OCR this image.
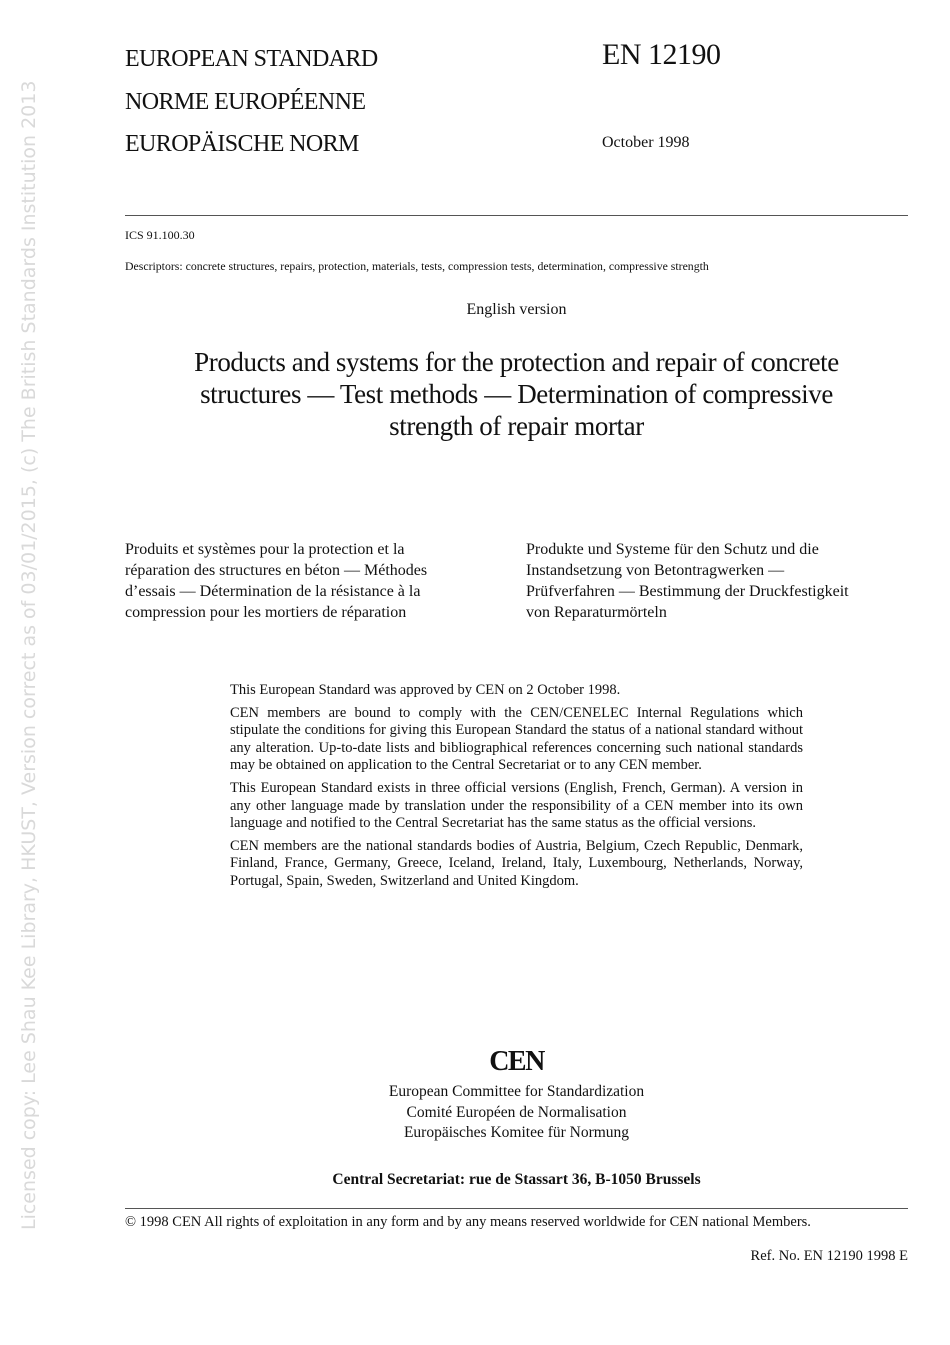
Licensed copy: Lee Shau Kee Library, HKUST, Version correct as of 03/01/2015, (c) The British Standards Institution 2013
EUROPEAN STANDARD
NORME EUROPÉENNE
EUROPÄISCHE NORM
EN 12190
October 1998
ICS 91.100.30
Descriptors: concrete structures, repairs, protection, materials, tests, compression tests, determination, compressive strength
English version
Products and systems for the protection and repair of concrete
structures — Test methods — Determination of compressive
strength of repair mortar
Produits et systèmes pour la protection et la
réparation des structures en béton — Méthodes
d’essais — Détermination de la résistance à la
compression pour les mortiers de réparation
Produkte und Systeme für den Schutz und die
Instandsetzung von Betontragwerken —
Prüfverfahren — Bestimmung der Druckfestigkeit
von Reparaturmörteln

This European Standard was approved by CEN on 2 October 1998.

CEN members are bound to comply with the CEN/CENELEC Internal Regulations which stipulate the conditions for giving this European Standard the status of a national standard without any alteration. Up-to-date lists and bibliographical references concerning such national standards may be obtained on application to the Central Secretariat or to any CEN member.

This European Standard exists in three official versions (English, French, German). A version in any other language made by translation under the responsibility of a CEN member into its own language and notified to the Central Secretariat has the same status as the official versions.

CEN members are the national standards bodies of Austria, Belgium, Czech Republic, Denmark, Finland, France, Germany, Greece, Iceland, Ireland, Italy, Luxembourg, Netherlands, Norway, Portugal, Spain, Sweden, Switzerland and United Kingdom.

CEN
European Committee for Standardization
Comité Européen de Normalisation
Europäisches Komitee für Normung
Central Secretariat: rue de Stassart 36, B-1050 Brussels
© 1998 CEN All rights of exploitation in any form and by any means reserved worldwide for CEN national Members.
Ref. No. EN 12190 1998 E
